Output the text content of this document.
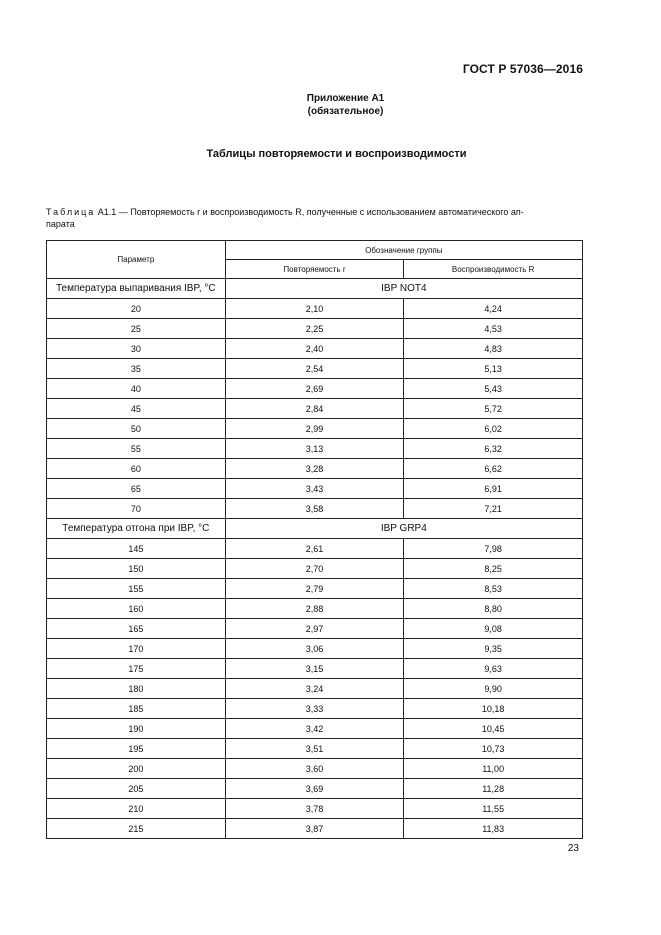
ГОСТ Р 57036—2016
Приложение А1
(обязательное)
Таблицы повторяемости и воспроизводимости
Таблица А1.1 — Повторяемость r и воспроизводимость R, полученные с использованием автоматического ап-
парата
Параметр	Обозначение группы	
	Повторяемость r	Воспроизводимость R
Температура выпаривания IBP, °С	IBP NOT4	
20	2,10	4,24
25	2,25	4,53
30	2,40	4,83
35	2,54	5,13
40	2,69	5,43
45	2,84	5,72
50	2,99	6,02
55	3,13	6,32
60	3,28	6,62
65	3,43	6,91
70	3,58	7,21
Температура отгона при IBP, °С	IBP GRP4	
145	2,61	7,98
150	2,70	8,25
155	2,79	8,53
160	2,88	8,80
165	2,97	9,08
170	3,06	9,35
175	3,15	9,63
180	3,24	9,90
185	3,33	10,18
190	3,42	10,45
195	3,51	10,73
200	3,60	11,00
205	3,69	11,28
210	3,78	11,55
215	3,87	11,83
23
